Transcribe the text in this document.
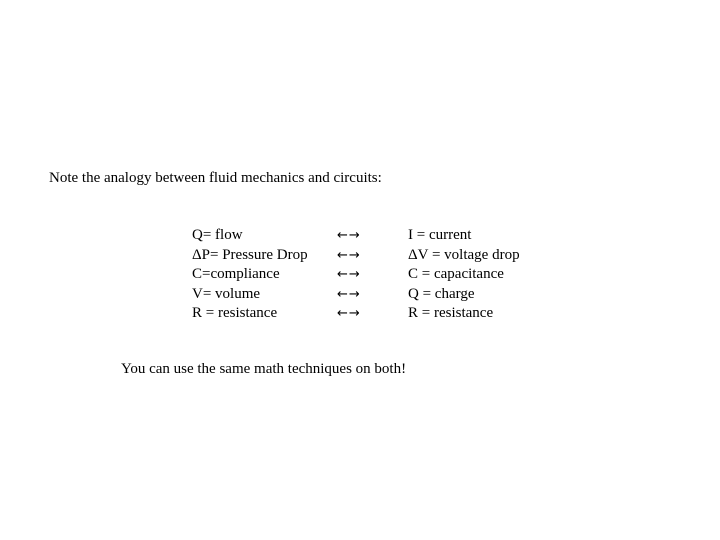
Note the analogy between fluid mechanics and circuits:
Q= flow
ΔP= Pressure Drop
C=compliance
V= volume
R = resistance
←→
←→
←→
←→
←→
I = current
ΔV = voltage drop
C = capacitance
Q = charge
R = resistance
You can use the same math techniques on both!
